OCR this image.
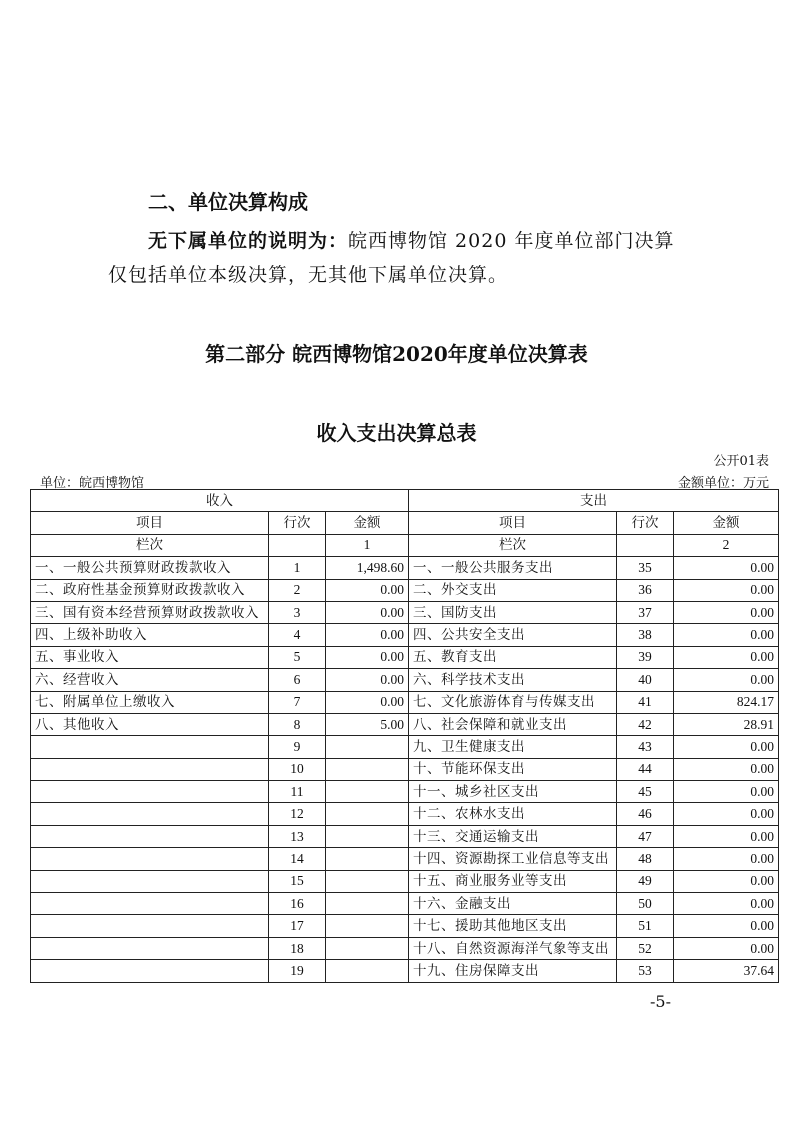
二、单位决算构成
无下属单位的说明为：皖西博物馆 2020 年度单位部门决算
仅包括单位本级决算，无其他下属单位决算。
第二部分 皖西博物馆2020年度单位决算表
收入支出决算总表
公开01表
单位：皖西博物馆	金额单位：万元
收入			支出		
项目	行次	金额	项目	行次	金额
栏次		1	栏次		2
一、一般公共预算财政拨款收入	1	1,498.60	一、一般公共服务支出	35	0.00
二、政府性基金预算财政拨款收入	2	0.00	二、外交支出	36	0.00
三、国有资本经营预算财政拨款收入	3	0.00	三、国防支出	37	0.00
四、上级补助收入	4	0.00	四、公共安全支出	38	0.00
五、事业收入	5	0.00	五、教育支出	39	0.00
六、经营收入	6	0.00	六、科学技术支出	40	0.00
七、附属单位上缴收入	7	0.00	七、文化旅游体育与传媒支出	41	824.17
八、其他收入	8	5.00	八、社会保障和就业支出	42	28.91
	9		九、卫生健康支出	43	0.00
	10		十、节能环保支出	44	0.00
	11		十一、城乡社区支出	45	0.00
	12		十二、农林水支出	46	0.00
	13		十三、交通运输支出	47	0.00
	14		十四、资源勘探工业信息等支出	48	0.00
	15		十五、商业服务业等支出	49	0.00
	16		十六、金融支出	50	0.00
	17		十七、援助其他地区支出	51	0.00
	18		十八、自然资源海洋气象等支出	52	0.00
	19		十九、住房保障支出	53	37.64
-5-
